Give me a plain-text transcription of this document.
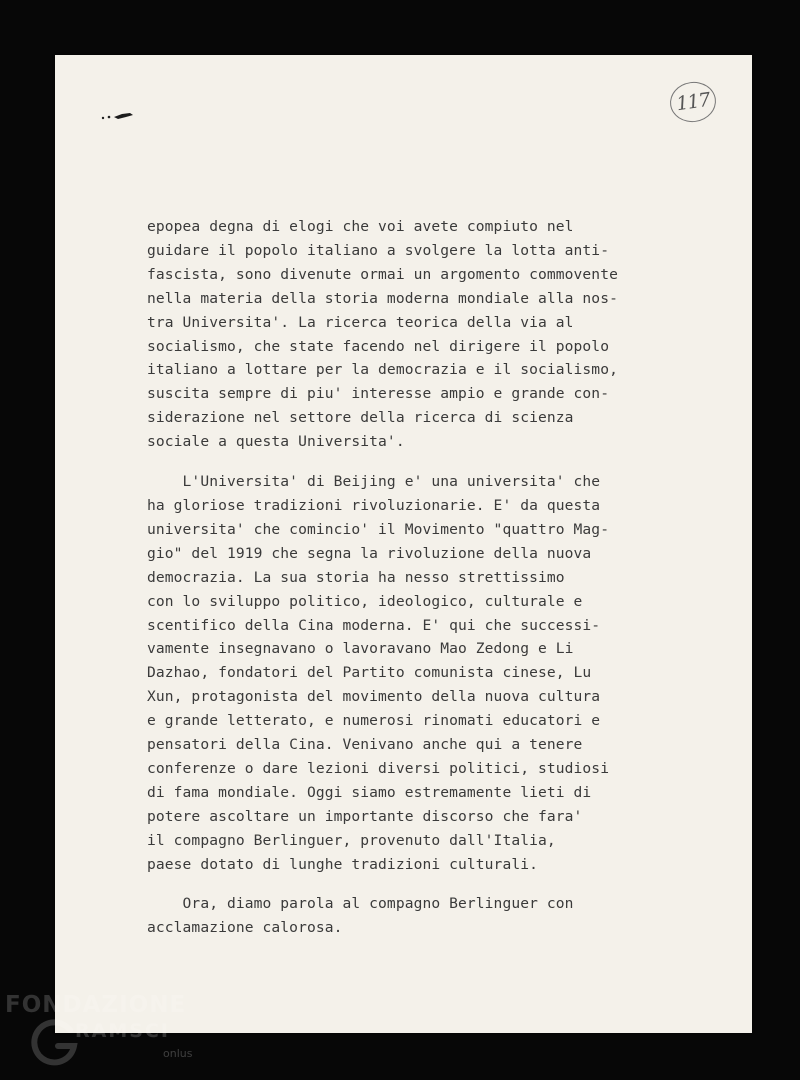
117
epopea degna di elogi che voi avete compiuto nel
guidare il popolo italiano a svolgere la lotta anti-
fascista, sono divenute ormai un argomento commovente
nella materia della storia moderna mondiale alla nos-
tra Universita'. La ricerca teorica della via al
socialismo, che state facendo nel dirigere il popolo
italiano a lottare per la democrazia e il socialismo,
suscita sempre di piu' interesse ampio e grande con-
siderazione nel settore della ricerca di scienza
sociale a questa Universita'.
L'Universita' di Beijing e' una universita' che
ha gloriose tradizioni rivoluzionarie. E' da questa
universita' che comincio' il Movimento "quattro Mag-
gio" del 1919 che segna la rivoluzione della nuova
democrazia. La sua storia ha nesso strettissimo
con lo sviluppo politico, ideologico, culturale e
scentifico della Cina moderna. E' qui che successi-
vamente insegnavano o lavoravano Mao Zedong e Li
Dazhao, fondatori del Partito comunista cinese, Lu
Xun, protagonista del movimento della nuova cultura
e grande letterato, e numerosi rinomati educatori e
pensatori della Cina. Venivano anche qui a tenere
conferenze o dare lezioni diversi politici, studiosi
di fama mondiale. Oggi siamo estremamente lieti di
potere ascoltare un importante discorso che fara'
il compagno Berlinguer, provenuto dall'Italia,
paese dotato di lunghe tradizioni culturali.
Ora, diamo parola al compagno Berlinguer con
acclamazione calorosa.
FONDAZIONE
RAMSCI
onlus
